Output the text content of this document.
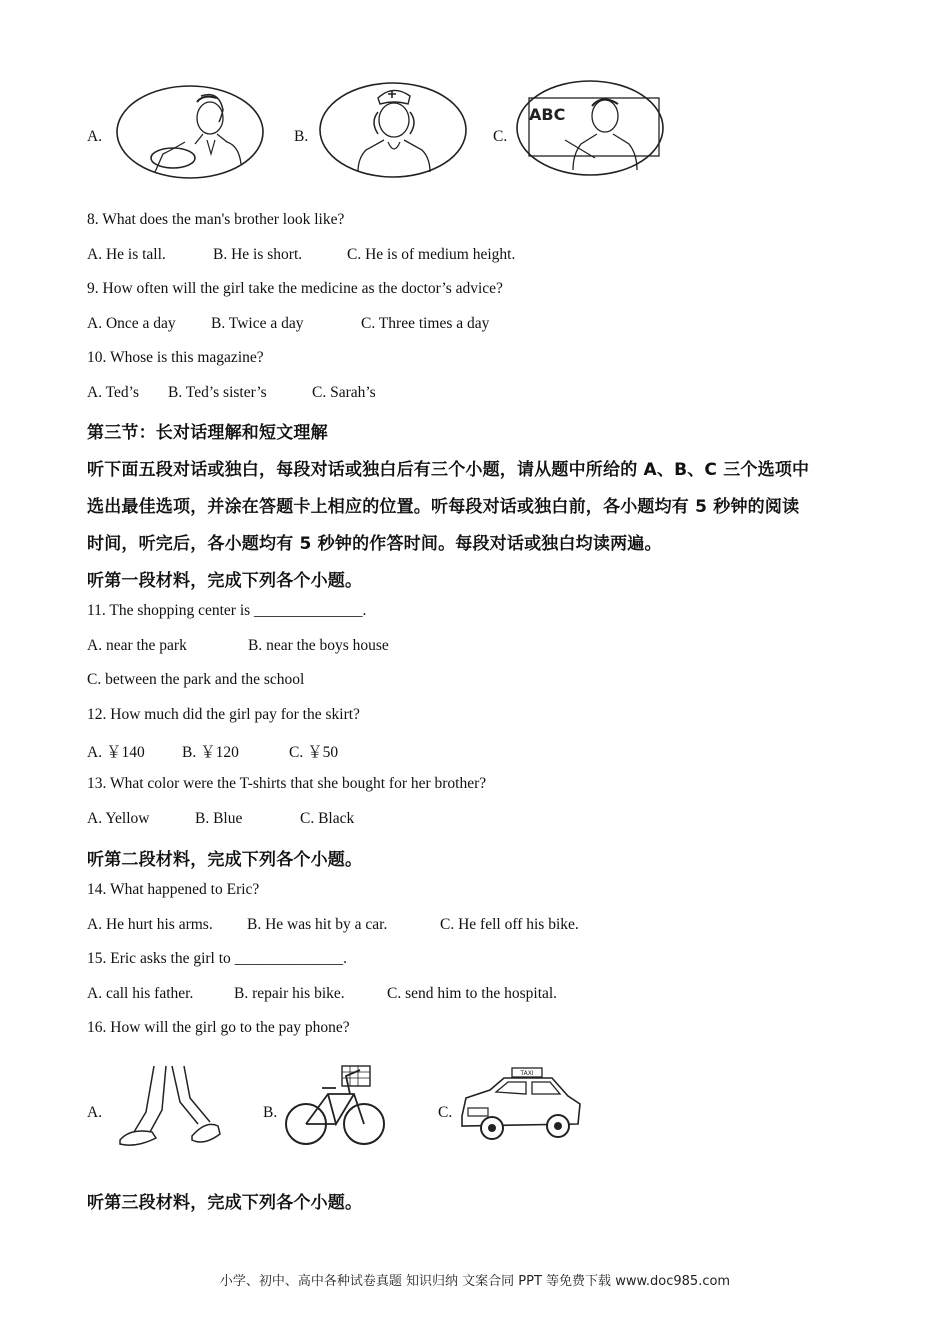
A.	B.	C.
ABC
8. What does the man's brother look like?
A. He is tall.	B. He is short.	C. He is of medium height.
9. How often will the girl take the medicine as the doctor’s advice?
A. Once a day B. Twice a day	C. Three times a day
10. Whose is this magazine?
A. Ted’s B. Ted’s sister’s	C. Sarah’s
第三节：长对话理解和短文理解
听下面五段对话或独白，每段对话或独白后有三个小题，请从题中所给的 A、B、C 三个选项中
选出最佳选项，并涂在答题卡上相应的位置。听每段对话或独白前，各小题均有 5 秒钟的阅读
时间，听完后，各小题均有 5 秒钟的作答时间。每段对话或独白均读两遍。
听第一段材料，完成下列各个小题。
11. The shopping center is ______________.
A. near the park	B. near the boys house
C. between the park and the school
12. How much did the girl pay for the skirt?
A. ￥140 B. ￥120	C. ￥50
13. What color were the T-shirts that she bought for her brother?
A. Yellow	B. Blue	C. Black
听第二段材料，完成下列各个小题。
14. What happened to Eric?
A. He hurt his arms. B. He was hit by a car.	C. He fell off his bike.
15. Eric asks the girl to ______________.
A. call his father.	B. repair his bike.	C. send him to the hospital.
16. How will the girl go to the pay phone?
A.	B.	C.
TAXI
听第三段材料，完成下列各个小题。
小学、初中、高中各种试卷真题 知识归纳 文案合同 PPT 等免费下载 www.doc985.com
